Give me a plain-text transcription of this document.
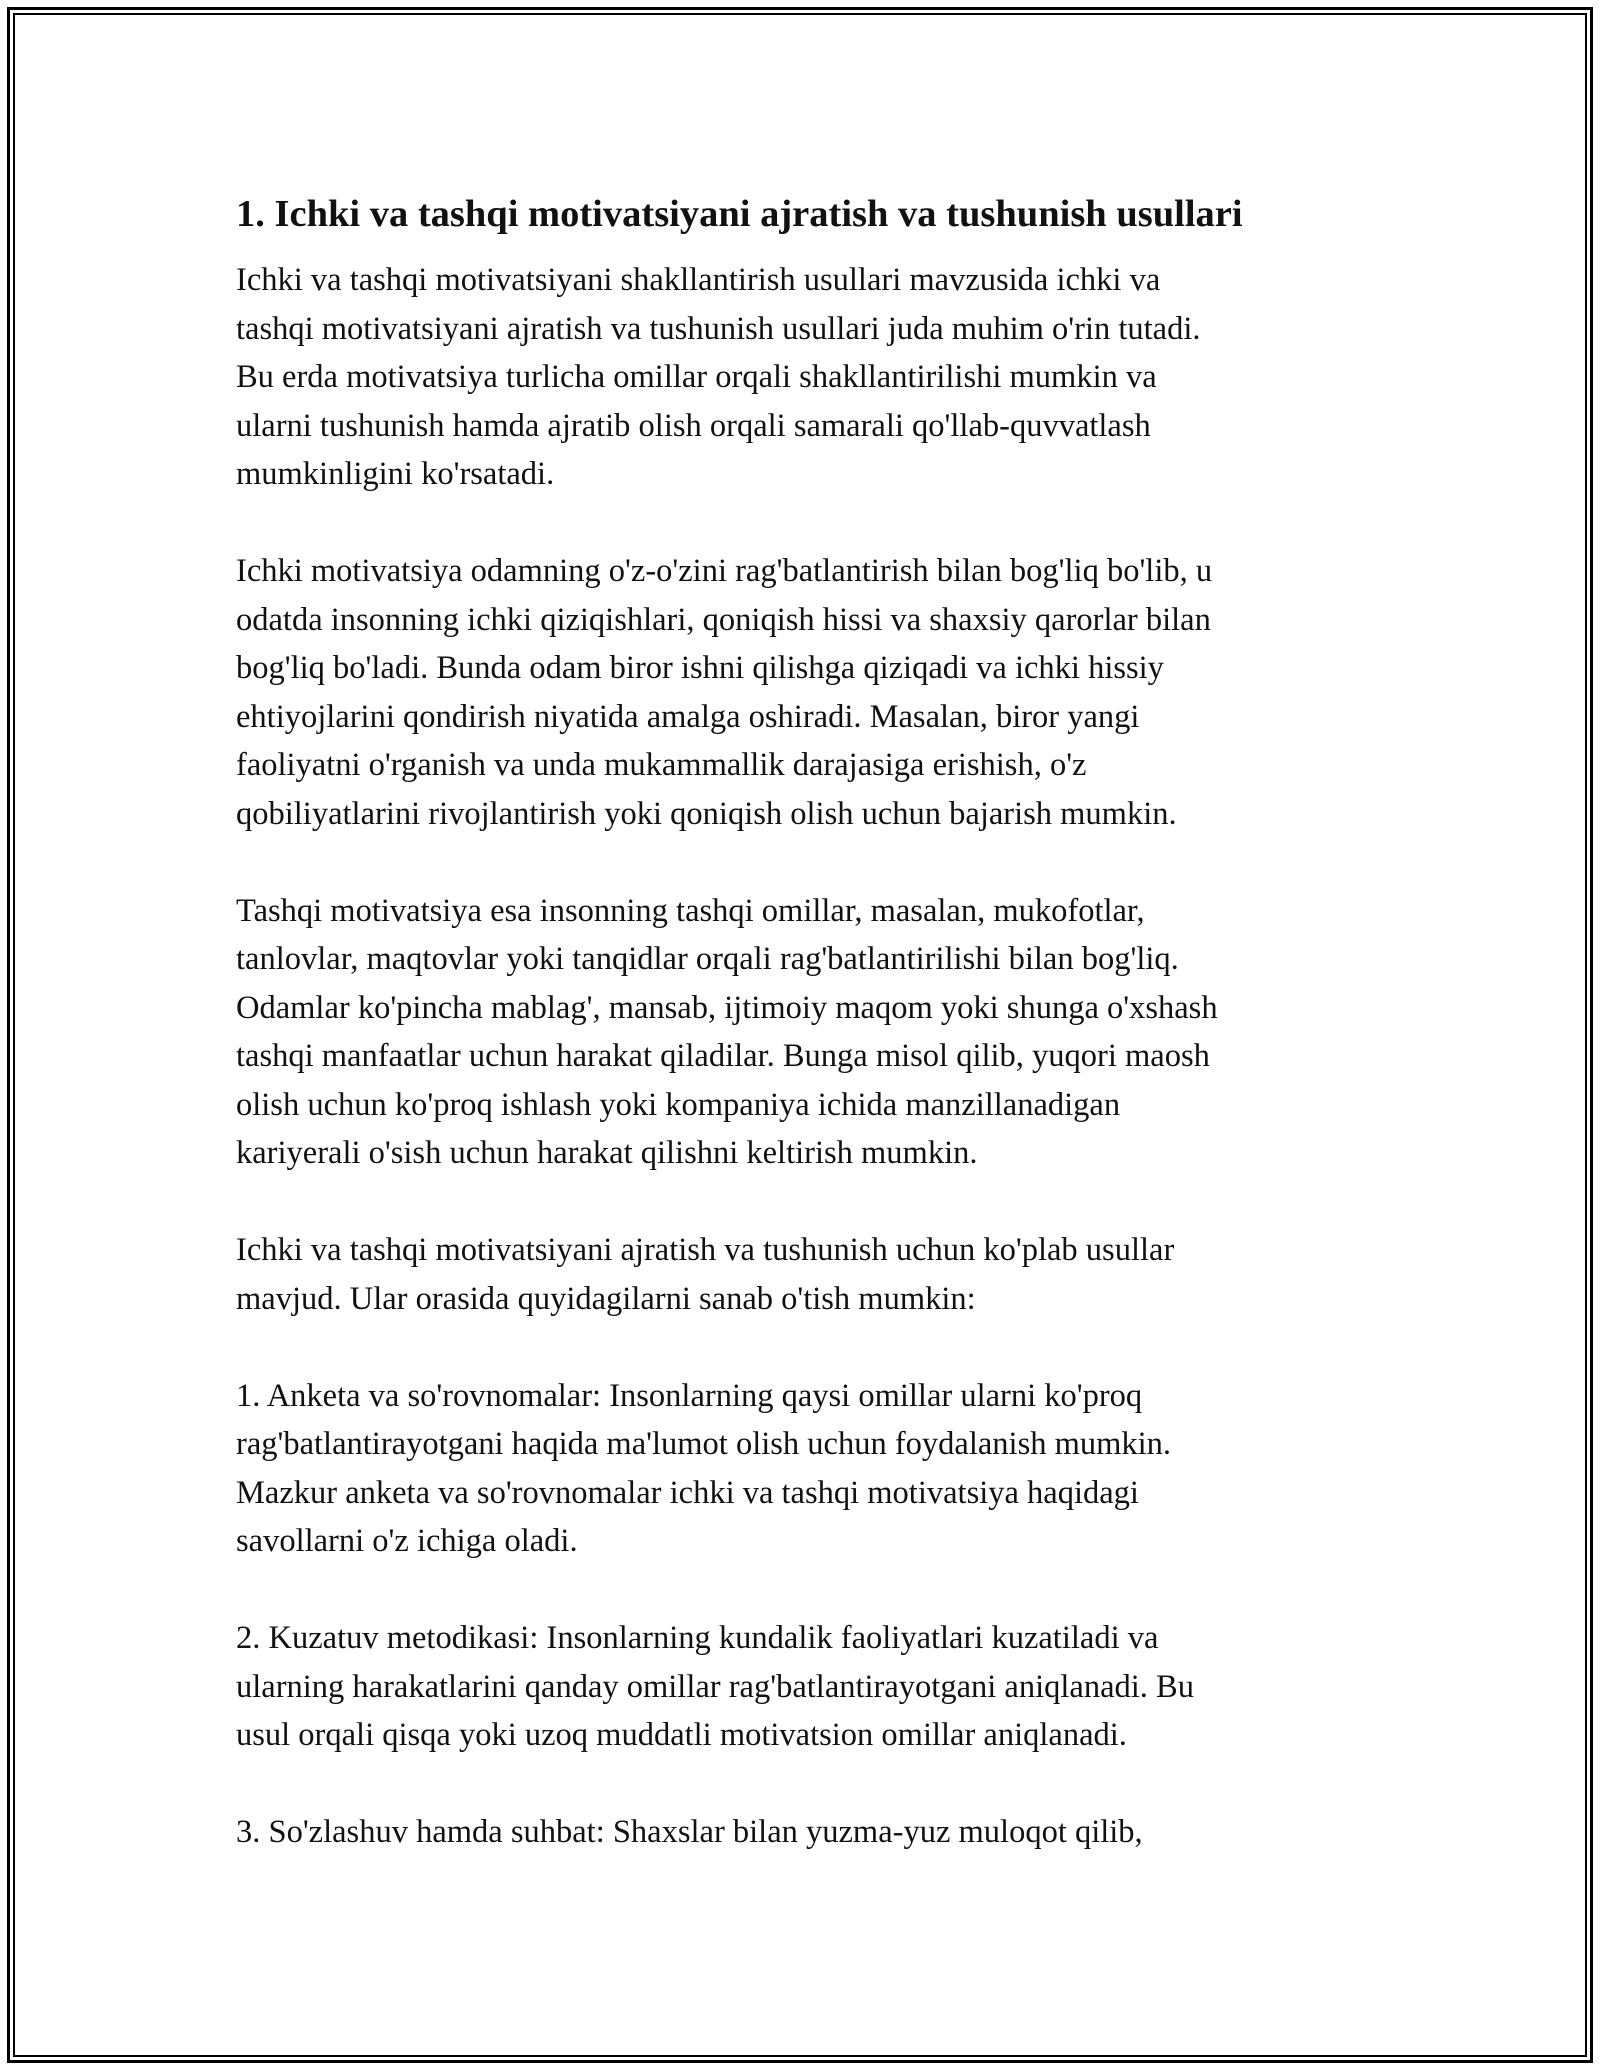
1. Ichki va tashqi motivatsiyani ajratish va tushunish usullari
Ichki va tashqi motivatsiyani shakllantirish usullari mavzusida ichki va
tashqi motivatsiyani ajratish va tushunish usullari juda muhim o'rin tutadi.
Bu erda motivatsiya turlicha omillar orqali shakllantirilishi mumkin va
ularni tushunish hamda ajratib olish orqali samarali qo'llab-quvvatlash
mumkinligini ko'rsatadi.
Ichki motivatsiya odamning o'z-o'zini rag'batlantirish bilan bog'liq bo'lib, u
odatda insonning ichki qiziqishlari, qoniqish hissi va shaxsiy qarorlar bilan
bog'liq bo'ladi. Bunda odam biror ishni qilishga qiziqadi va ichki hissiy
ehtiyojlarini qondirish niyatida amalga oshiradi. Masalan, biror yangi
faoliyatni o'rganish va unda mukammallik darajasiga erishish, o'z
qobiliyatlarini rivojlantirish yoki qoniqish olish uchun bajarish mumkin.
Tashqi motivatsiya esa insonning tashqi omillar, masalan, mukofotlar,
tanlovlar, maqtovlar yoki tanqidlar orqali rag'batlantirilishi bilan bog'liq.
Odamlar ko'pincha mablag', mansab, ijtimoiy maqom yoki shunga o'xshash
tashqi manfaatlar uchun harakat qiladilar. Bunga misol qilib, yuqori maosh
olish uchun ko'proq ishlash yoki kompaniya ichida manzillanadigan
kariyerali o'sish uchun harakat qilishni keltirish mumkin.
Ichki va tashqi motivatsiyani ajratish va tushunish uchun ko'plab usullar
mavjud. Ular orasida quyidagilarni sanab o'tish mumkin:
1. Anketa va so'rovnomalar: Insonlarning qaysi omillar ularni ko'proq
rag'batlantirayotgani haqida ma'lumot olish uchun foydalanish mumkin.
Mazkur anketa va so'rovnomalar ichki va tashqi motivatsiya haqidagi
savollarni o'z ichiga oladi.
2. Kuzatuv metodikasi: Insonlarning kundalik faoliyatlari kuzatiladi va
ularning harakatlarini qanday omillar rag'batlantirayotgani aniqlanadi. Bu
usul orqali qisqa yoki uzoq muddatli motivatsion omillar aniqlanadi.
3. So'zlashuv hamda suhbat: Shaxslar bilan yuzma-yuz muloqot qilib,
